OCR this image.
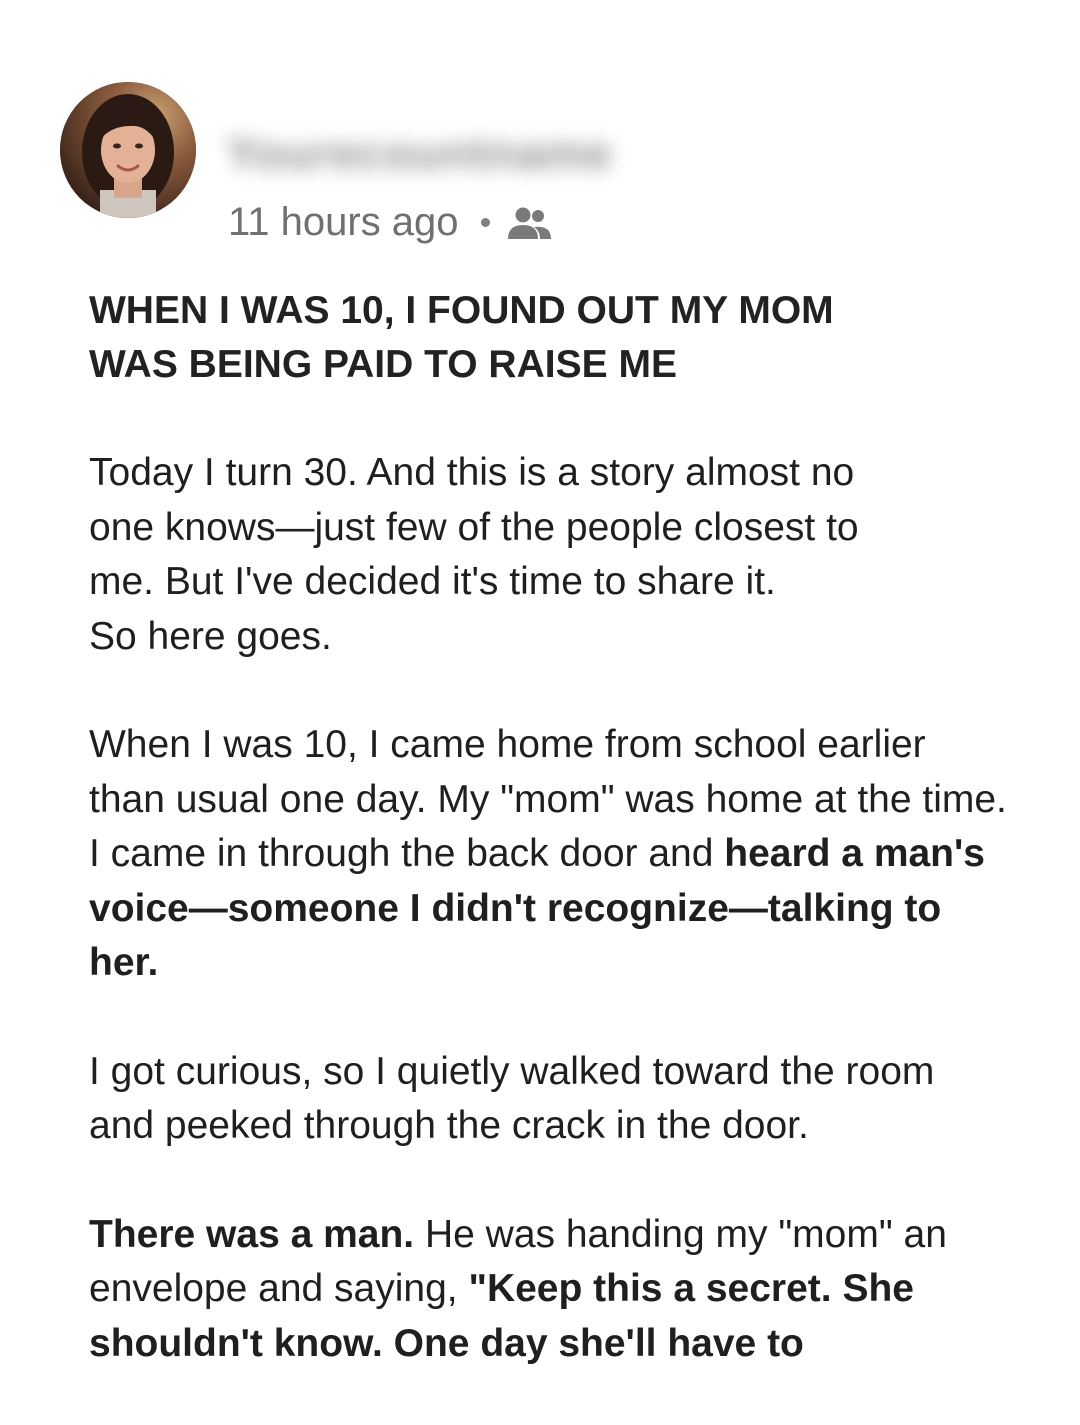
Yourecountname
11 hours ago
WHEN I WAS 10, I FOUND OUT MY MOM
WAS BEING PAID TO RAISE ME

Today I turn 30. And this is a story almost no
one knows—just few of the people closest to
me. But I've decided it's time to share it.
So here goes.

When I was 10, I came home from school earlier than usual one day. My "mom" was home at the time. I came in through the back door and heard a man's voice—someone I didn't recognize—talking to her.

I got curious, so I quietly walked toward the room and peeked through the crack in the door.

There was a man. He was handing my "mom" an envelope and saying, "Keep this a secret. She shouldn't know. One day she'll have to
